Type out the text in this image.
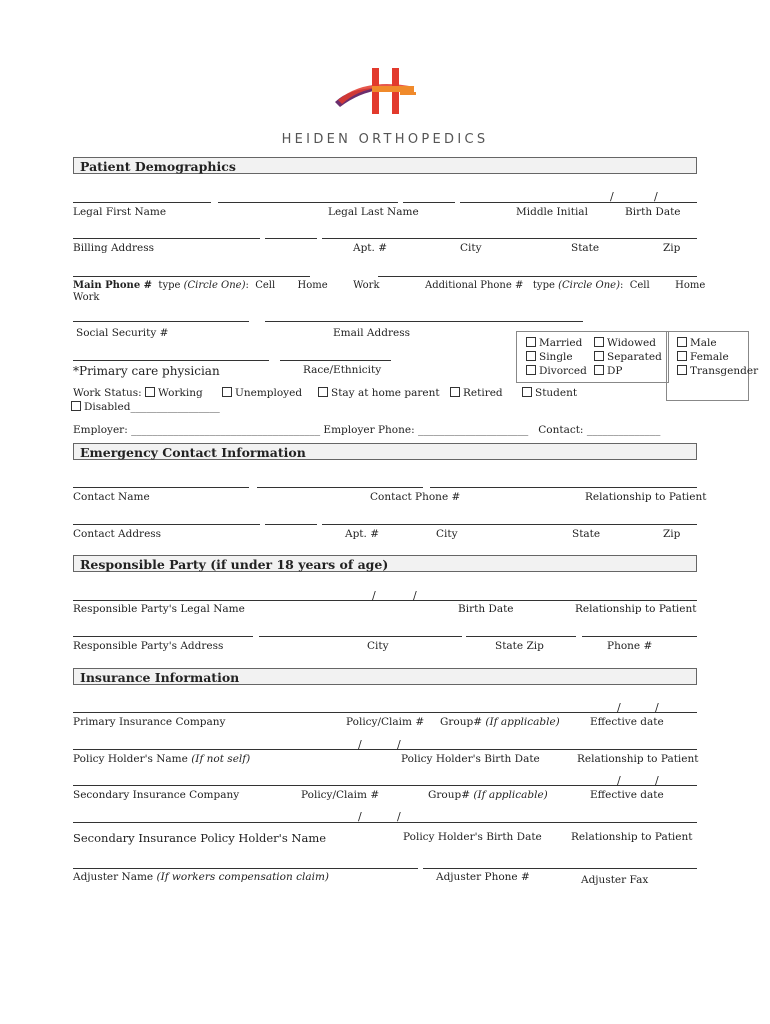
HEIDEN ORTHOPEDICS
Patient Demographics
/	/
Legal First Name	Legal Last Name	Middle Initial	Birth Date
Billing Address	Apt. #	City	State	Zip
Main Phone # type (Circle One):  Cell Home	Work
Work
Additional Phone # type (Circle One):  Cell	Home
Social Security #	Email Address
Married
Single
Divorced
Widowed
Separated
DP
Male
Female
Transgender
*Primary care physician	Race/Ethnicity
Work Status: Working	Unemployed	Stay at home parent	Retired	Student
Disabled_________________
Employer: ____________________________________ Employer Phone: _____________________   Contact: ______________
Emergency Contact Information
Contact Name	Contact Phone #	Relationship to Patient
Contact Address	Apt. #	City	State	Zip
Responsible Party (if under 18 years of age)
/	/
Responsible Party's Legal Name	Birth Date	Relationship to Patient
Responsible Party's Address	City	State Zip	Phone #
Insurance Information
/	/
Primary Insurance Company	Policy/Claim # Group# (If applicable)	Effective date
/	/
Policy Holder's Name (If not self)	Policy Holder's Birth Date	Relationship to Patient
/	/
Secondary Insurance Company	Policy/Claim #	Group# (If applicable)	Effective date
/	/
Secondary Insurance Policy Holder's Name	Policy Holder's Birth Date	Relationship to Patient
Adjuster Name (If workers compensation claim)	Adjuster Phone #	Adjuster Fax
